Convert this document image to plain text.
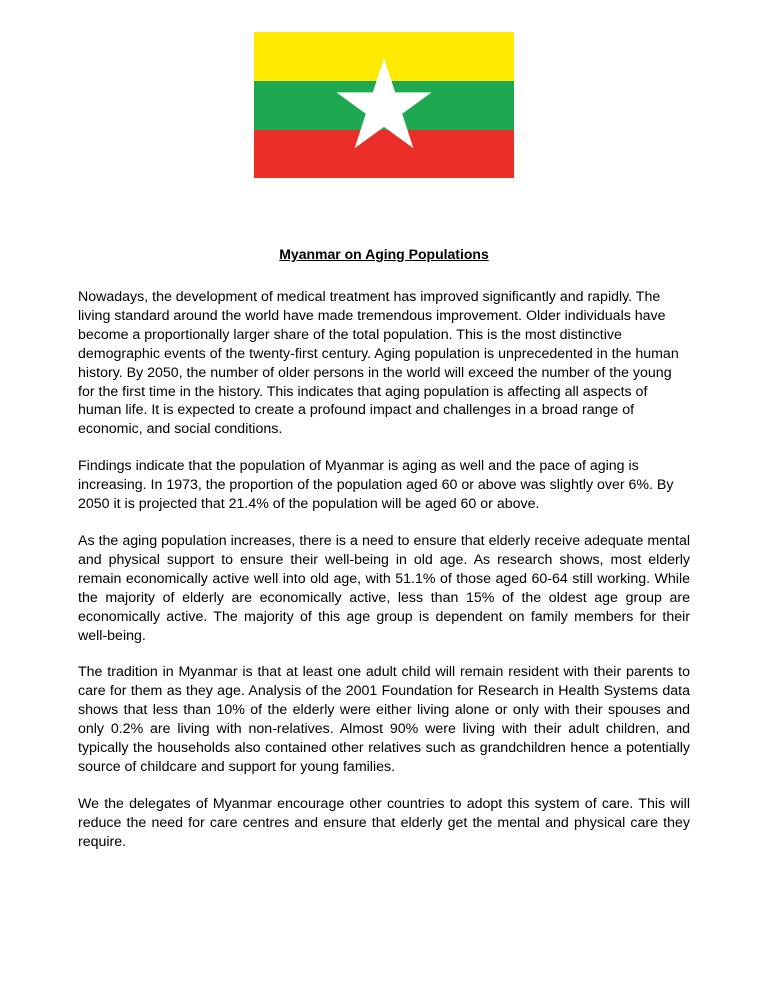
Myanmar on Aging Populations

Nowadays, the development of medical treatment has improved significantly and rapidly. The living standard around the world have made tremendous improvement. Older individuals have become a proportionally larger share of the total population. This is the most distinctive demographic events of the twenty-first century. Aging population is unprecedented in the human history. By 2050, the number of older persons in the world will exceed the number of the young for the first time in the history. This indicates that aging population is affecting all aspects of human life. It is expected to create a profound impact and challenges in a broad range of economic, and social conditions.

Findings indicate that the population of Myanmar is aging as well and the pace of aging is increasing. In 1973, the proportion of the population aged 60 or above was slightly over 6%. By 2050 it is projected that 21.4% of the population will be aged 60 or above.

As the aging population increases, there is a need to ensure that elderly receive adequate mental and physical support to ensure their well-being in old age. As research shows, most elderly remain economically active well into old age, with 51.1% of those aged 60-64 still working. While the majority of elderly are economically active, less than 15% of the oldest age group are economically active. The majority of this age group is dependent on family members for their well-being.

The tradition in Myanmar is that at least one adult child will remain resident with their parents to care for them as they age. Analysis of the 2001 Foundation for Research in Health Systems data shows that less than 10% of the elderly were either living alone or only with their spouses and only 0.2% are living with non-relatives. Almost 90% were living with their adult children, and typically the households also contained other relatives such as grandchildren hence a potentially source of childcare and support for young families.

We the delegates of Myanmar encourage other countries to adopt this system of care. This will reduce the need for care centres and ensure that elderly get the mental and physical care they require.
